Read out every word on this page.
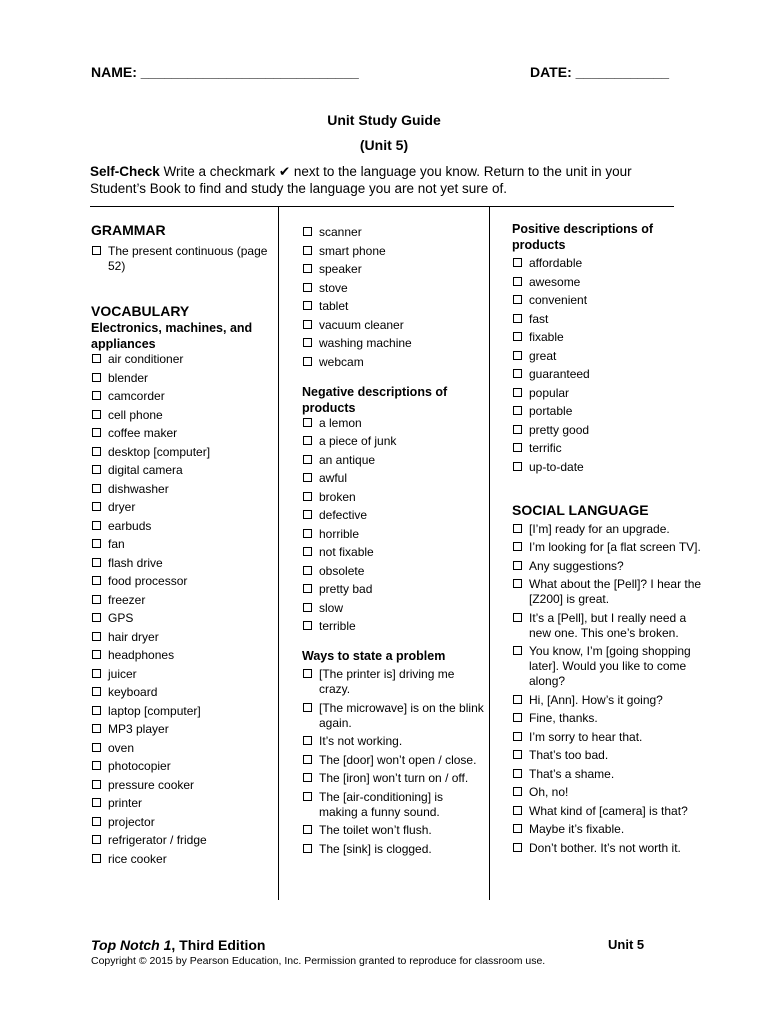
NAME: ____________________________	DATE: ____________
Unit Study Guide
(Unit 5)
Self-Check Write a checkmark ✔ next to the language you know. Return to the unit in your Student’s Book to find and study the language you are not yet sure of.
GRAMMAR
The present continuous (page 52)
VOCABULARY
Electronics, machines, and appliances
air conditioner
blender
camcorder
cell phone
coffee maker
desktop [computer]
digital camera
dishwasher
dryer
earbuds
fan
flash drive
food processor
freezer
GPS
hair dryer
headphones
juicer
keyboard
laptop [computer]
MP3 player
oven
photocopier
pressure cooker
printer
projector
refrigerator / fridge
rice cooker
scanner
smart phone
speaker
stove
tablet
vacuum cleaner
washing machine
webcam
Negative descriptions of products
a lemon
a piece of junk
an antique
awful
broken
defective
horrible
not fixable
obsolete
pretty bad
slow
terrible
Ways to state a problem
[The printer is] driving me crazy.
[The microwave] is on the blink again.
It’s not working.
The [door] won’t open / close.
The [iron] won’t turn on / off.
The [air-conditioning] is making a funny sound.
The toilet won’t flush.
The [sink] is clogged.
Positive descriptions of products
affordable
awesome
convenient
fast
fixable
great
guaranteed
popular
portable
pretty good
terrific
up-to-date
SOCIAL LANGUAGE
[I’m] ready for an upgrade.
I’m looking for [a flat screen TV].
Any suggestions?
What about the [Pell]? I hear the [Z200] is great.
It’s a [Pell], but I really need a new one. This one’s broken.
You know, I’m [going shopping later]. Would you like to come along?
Hi, [Ann]. How’s it going?
Fine, thanks.
I’m sorry to hear that.
That’s too bad.
That’s a shame.
Oh, no!
What kind of [camera] is that?
Maybe it’s fixable.
Don’t bother. It’s not worth it.
Top Notch 1, Third Edition	Unit 5
Copyright © 2015 by Pearson Education, Inc. Permission granted to reproduce for classroom use.
